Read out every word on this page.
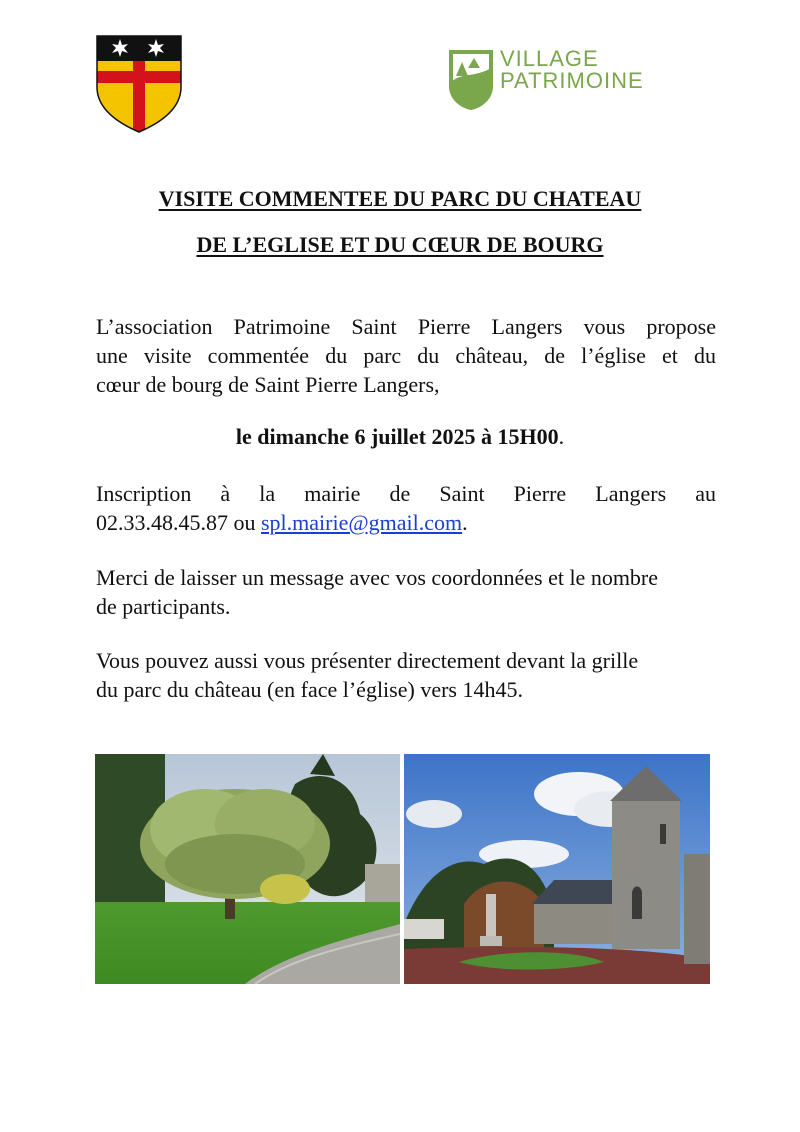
VILLAGE
PATRIMOINE
VISITE COMMENTEE DU PARC DU CHATEAU
DE L’EGLISE ET DU CŒUR DE BOURG
L’association Patrimoine Saint Pierre Langers vous propose
une visite commentée du parc du château, de l’église et du
cœur de bourg de Saint Pierre Langers,
le dimanche 6 juillet 2025 à 15H00.
Inscription à la mairie de Saint Pierre Langers au
02.33.48.45.87 ou spl.mairie@gmail.com.
Merci de laisser un message avec vos coordonnées et le nombre
de participants.
Vous pouvez aussi vous présenter directement devant la grille
du parc du château (en face l’église) vers 14h45.
